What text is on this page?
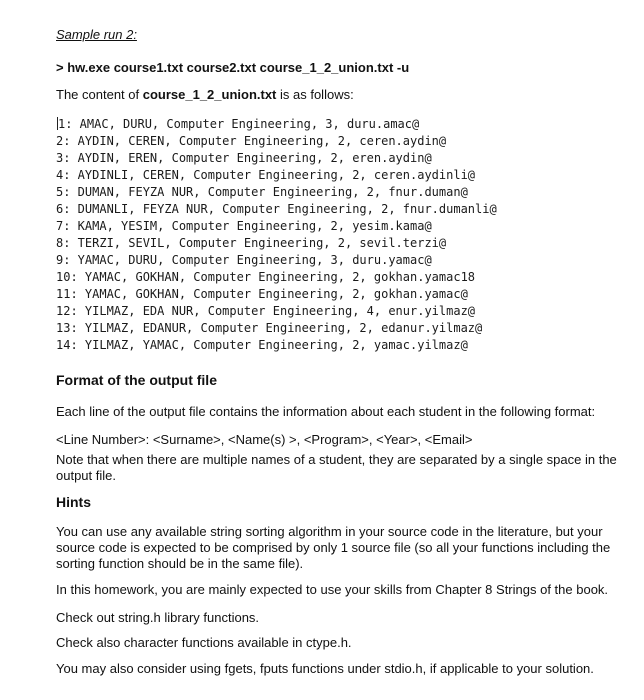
Sample run 2:

> hw.exe course1.txt course2.txt course_1_2_union.txt -u

The content of course_1_2_union.txt is as follows:

1: AMAC, DURU, Computer Engineering, 3, duru.amac@
2: AYDIN, CEREN, Computer Engineering, 2, ceren.aydin@
3: AYDIN, EREN, Computer Engineering, 2, eren.aydin@
4: AYDINLI, CEREN, Computer Engineering, 2, ceren.aydinli@
5: DUMAN, FEYZA NUR, Computer Engineering, 2, fnur.duman@
6: DUMANLI, FEYZA NUR, Computer Engineering, 2, fnur.dumanli@
7: KAMA, YESIM, Computer Engineering, 2, yesim.kama@
8: TERZI, SEVIL, Computer Engineering, 2, sevil.terzi@
9: YAMAC, DURU, Computer Engineering, 3, duru.yamac@
10: YAMAC, GOKHAN, Computer Engineering, 2, gokhan.yamac18
11: YAMAC, GOKHAN, Computer Engineering, 2, gokhan.yamac@
12: YILMAZ, EDA NUR, Computer Engineering, 4, enur.yilmaz@
13: YILMAZ, EDANUR, Computer Engineering, 2, edanur.yilmaz@
14: YILMAZ, YAMAC, Computer Engineering, 2, yamac.yilmaz@

Format of the output file

Each line of the output file contains the information about each student in the following format:

<Line Number>: <Surname>, <Name(s) >, <Program>, <Year>, <Email>

Note that when there are multiple names of a student, they are separated by a single space in the output file.

Hints

You can use any available string sorting algorithm in your source code in the literature, but your source code is expected to be comprised by only 1 source file (so all your functions including the sorting function should be in the same file).

In this homework, you are mainly expected to use your skills from Chapter 8 Strings of the book.

Check out string.h library functions.

Check also character functions available in ctype.h.

You may also consider using fgets, fputs functions under stdio.h, if applicable to your solution.
